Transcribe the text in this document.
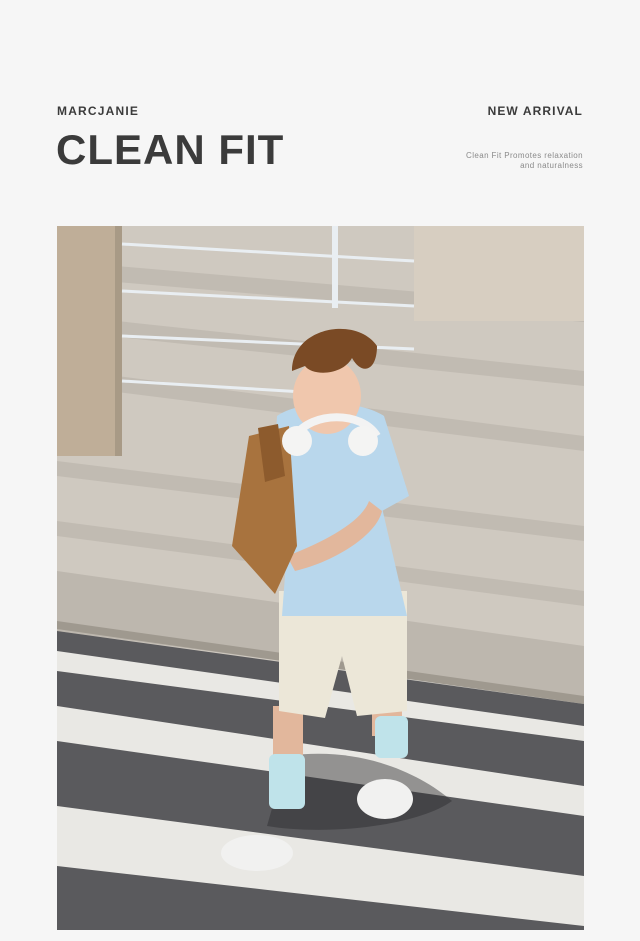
MARCJANIE
CLEAN FIT
NEW ARRIVAL
Clean Fit Promotes relaxation
and naturalness
